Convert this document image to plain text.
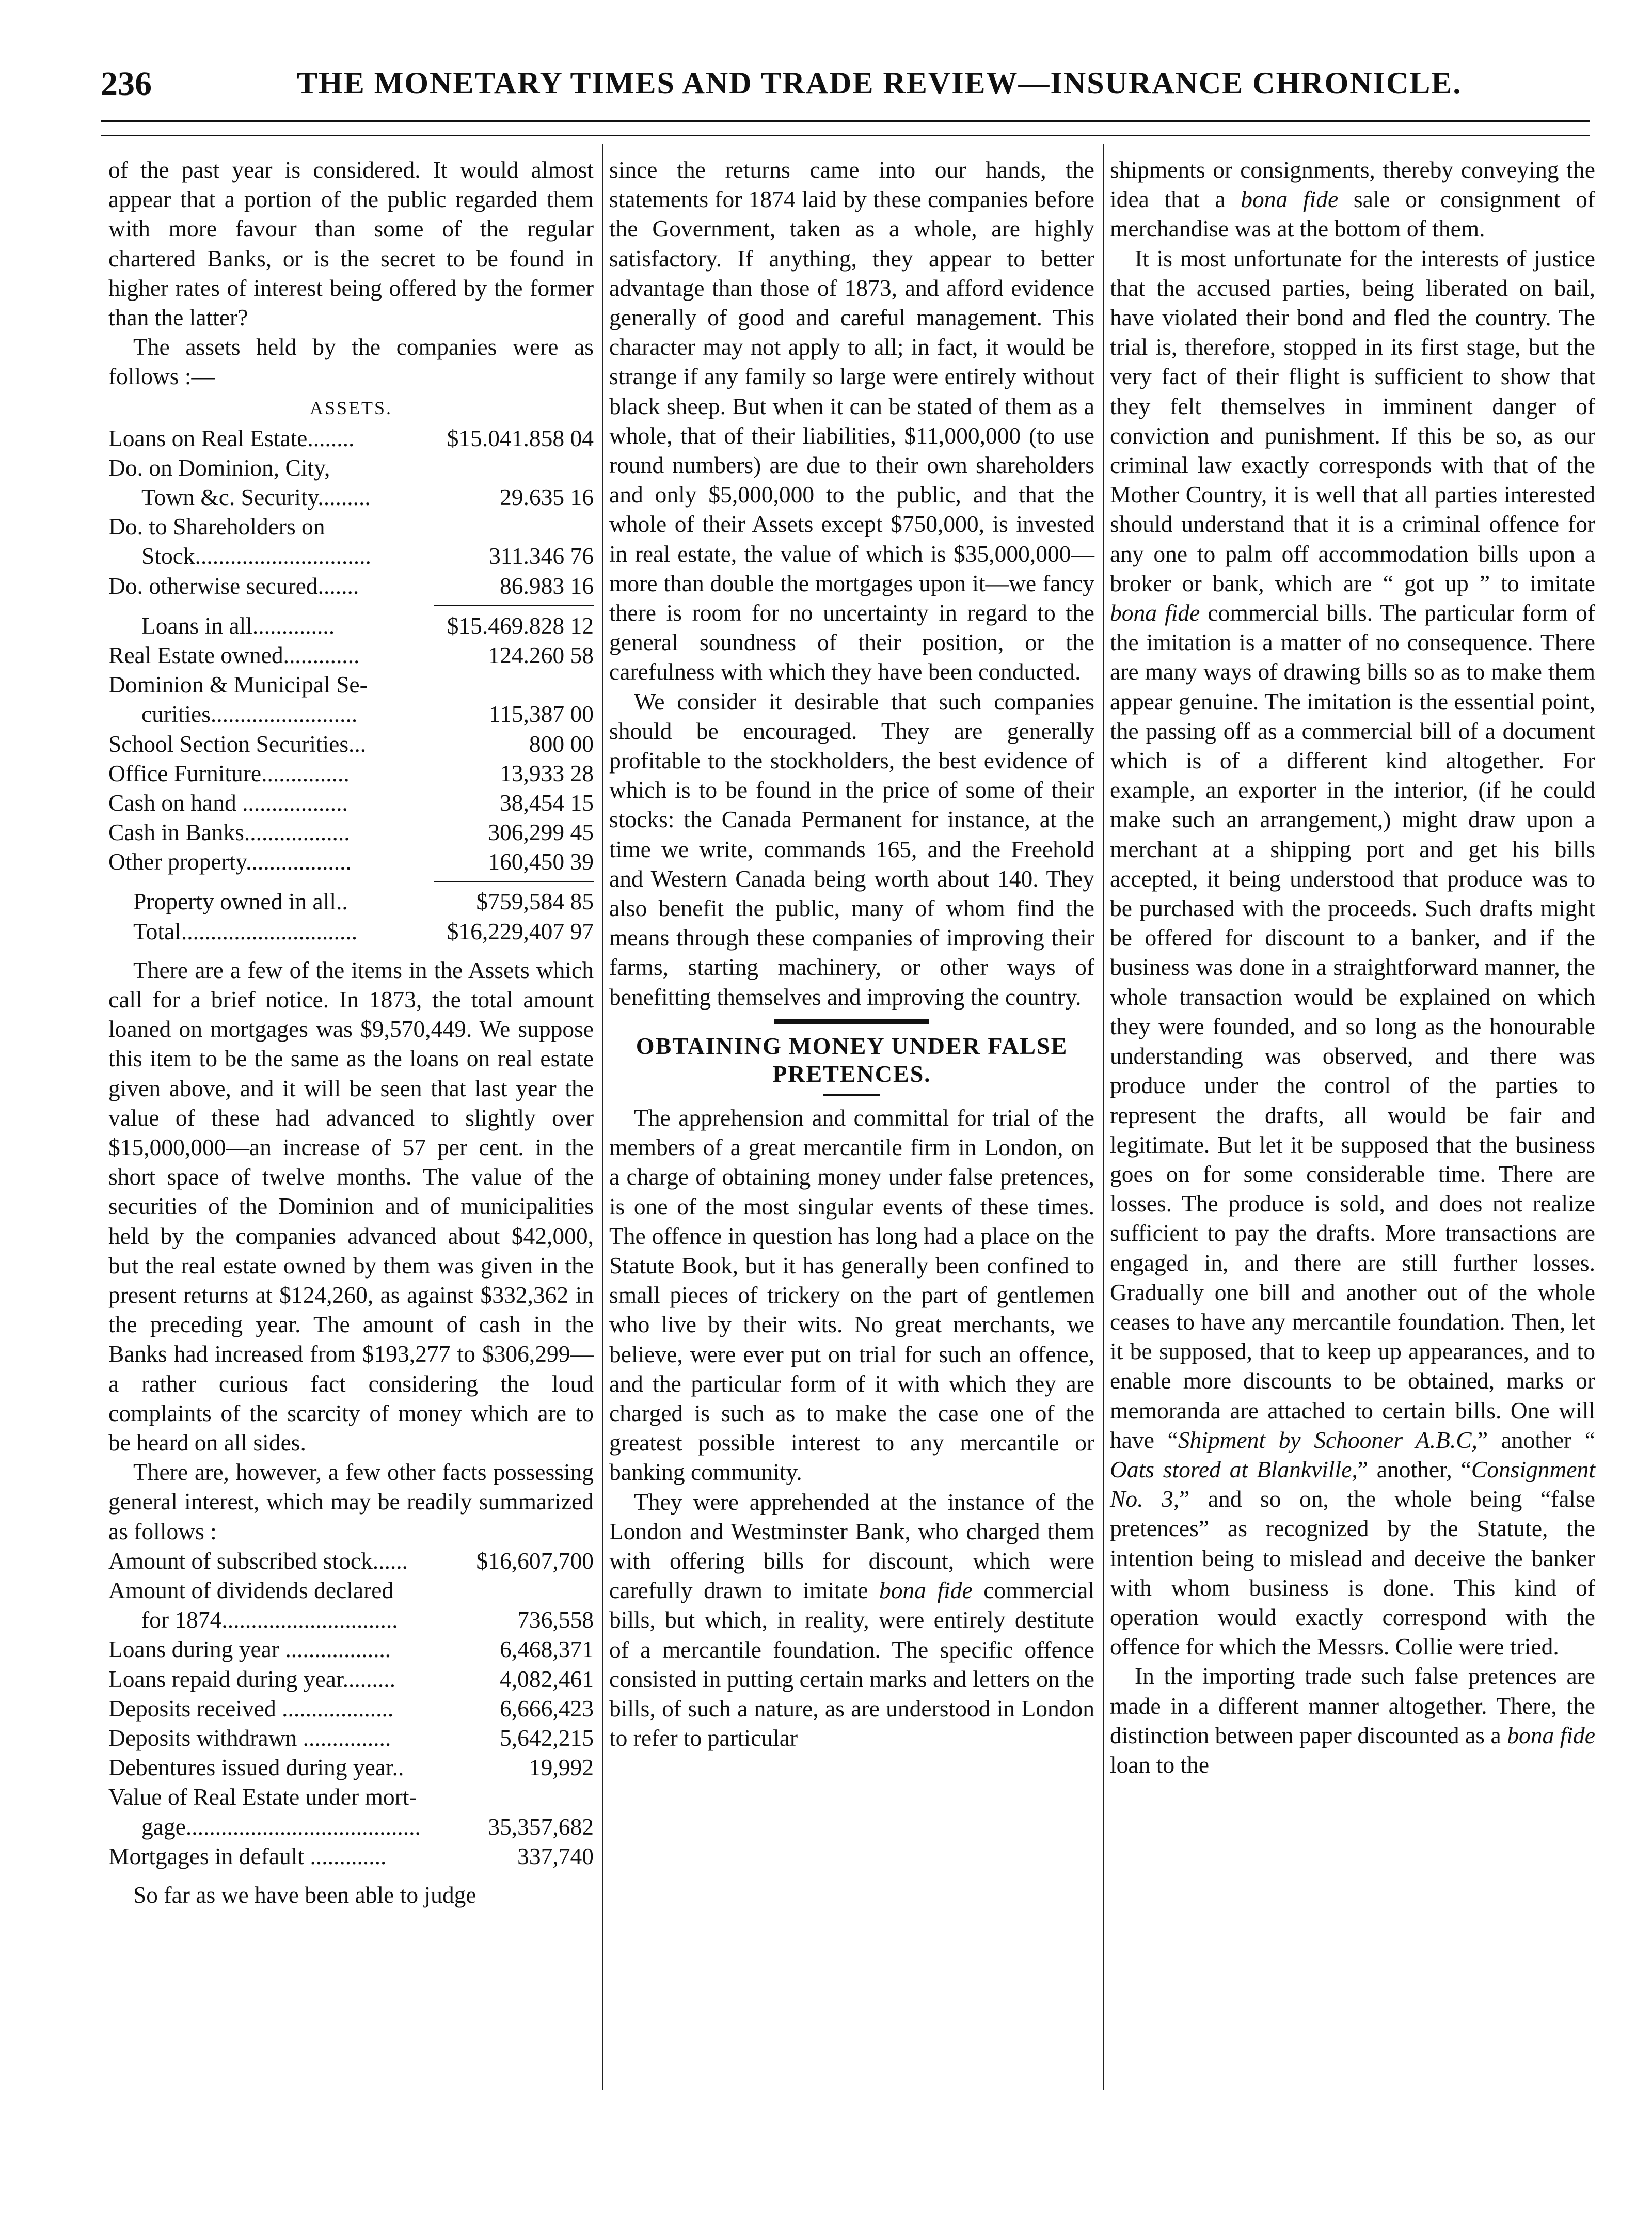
236	THE MONETARY TIMES AND TRADE REVIEW—INSURANCE CHRONICLE.

of the past year is considered. It would almost appear that a portion of the public regarded them with more favour than some of the regular chartered Banks, or is the secret to be found in higher rates of interest being offered by the former than the latter?

The assets held by the companies were as follows :—

ASSETS.
Loans on Real Estate........	$15.041.858 04
Do. on Dominion, City,
Town &c. Security.........	29.635 16
Do. to Shareholders on
Stock..............................	311.346 76
Do. otherwise secured.......	86.983 16
Loans in all..............	$15.469.828 12
Real Estate owned.............	124.260 58
Dominion & Municipal Se-
curities.........................	115,387 00
School Section Securities...	800 00
Office Furniture...............	13,933 28
Cash on hand ..................	38,454 15
Cash in Banks..................	306,299 45
Other property..................	160,450 39
Property owned in all..	$759,584 85
Total..............................	$16,229,407 97

There are a few of the items in the Assets which call for a brief notice. In 1873, the total amount loaned on mortgages was $9,570,449. We suppose this item to be the same as the loans on real estate given above, and it will be seen that last year the value of these had advanced to slightly over $15,000,000—an increase of 57 per cent. in the short space of twelve months. The value of the securities of the Dominion and of municipalities held by the companies advanced about $42,000, but the real estate owned by them was given in the present returns at $124,260, as against $332,362 in the preceding year. The amount of cash in the Banks had increased from $193,277 to $306,299—a rather curious fact considering the loud complaints of the scarcity of money which are to be heard on all sides.

There are, however, a few other facts possessing general interest, which may be readily summarized as follows :

Amount of subscribed stock......	$16,607,700
Amount of dividends declared
for 1874..............................	736,558
Loans during year ..................	6,468,371
Loans repaid during year.........	4,082,461
Deposits received ...................	6,666,423
Deposits withdrawn ...............	5,642,215
Debentures issued during year..	19,992
Value of Real Estate under mort-
gage........................................	35,357,682
Mortgages in default .............	337,740

So far as we have been able to judge

since the returns came into our hands, the statements for 1874 laid by these companies before the Government, taken as a whole, are highly satisfactory. If anything, they appear to better advantage than those of 1873, and afford evidence generally of good and careful management. This character may not apply to all; in fact, it would be strange if any family so large were entirely without black sheep. But when it can be stated of them as a whole, that of their liabilities, $11,000,000 (to use round numbers) are due to their own shareholders and only $5,000,000 to the public, and that the whole of their Assets except $750,000, is invested in real estate, the value of which is $35,000,000—more than double the mortgages upon it—we fancy there is room for no uncertainty in regard to the general soundness of their position, or the carefulness with which they have been conducted.

We consider it desirable that such companies should be encouraged. They are generally profitable to the stockholders, the best evidence of which is to be found in the price of some of their stocks: the Canada Permanent for instance, at the time we write, commands 165, and the Freehold and Western Canada being worth about 140. They also benefit the public, many of whom find the means through these companies of improving their farms, starting machinery, or other ways of benefitting themselves and improving the country.

OBTAINING MONEY UNDER FALSE PRETENCES.

The apprehension and committal for trial of the members of a great mercantile firm in London, on a charge of obtaining money under false pretences, is one of the most singular events of these times. The offence in question has long had a place on the Statute Book, but it has generally been confined to small pieces of trickery on the part of gentlemen who live by their wits. No great merchants, we believe, were ever put on trial for such an offence, and the particular form of it with which they are charged is such as to make the case one of the greatest possible interest to any mercantile or banking community.

They were apprehended at the instance of the London and Westminster Bank, who charged them with offering bills for discount, which were carefully drawn to imitate bona fide commercial bills, but which, in reality, were entirely destitute of a mercantile foundation. The specific offence consisted in putting certain marks and letters on the bills, of such a nature, as are understood in London to refer to particular

shipments or consignments, thereby conveying the idea that a bona fide sale or consignment of merchandise was at the bottom of them.

It is most unfortunate for the interests of justice that the accused parties, being liberated on bail, have violated their bond and fled the country. The trial is, therefore, stopped in its first stage, but the very fact of their flight is sufficient to show that they felt themselves in imminent danger of conviction and punishment. If this be so, as our criminal law exactly corresponds with that of the Mother Country, it is well that all parties interested should understand that it is a criminal offence for any one to palm off accommodation bills upon a broker or bank, which are “ got up ” to imitate bona fide commercial bills. The particular form of the imitation is a matter of no consequence. There are many ways of drawing bills so as to make them appear genuine. The imitation is the essential point, the passing off as a commercial bill of a document which is of a different kind altogether. For example, an exporter in the interior, (if he could make such an arrangement,) might draw upon a merchant at a shipping port and get his bills accepted, it being understood that produce was to be purchased with the proceeds. Such drafts might be offered for discount to a banker, and if the business was done in a straightforward manner, the whole transaction would be explained on which they were founded, and so long as the honourable understanding was observed, and there was produce under the control of the parties to represent the drafts, all would be fair and legitimate. But let it be supposed that the business goes on for some considerable time. There are losses. The produce is sold, and does not realize sufficient to pay the drafts. More transactions are engaged in, and there are still further losses. Gradually one bill and another out of the whole ceases to have any mercantile foundation. Then, let it be supposed, that to keep up appearances, and to enable more discounts to be obtained, marks or memoranda are attached to certain bills. One will have “Shipment by Schooner A.B.C,” another “ Oats stored at Blankville,” another, “Consignment No. 3,” and so on, the whole being “false pretences” as recognized by the Statute, the intention being to mislead and deceive the banker with whom business is done. This kind of operation would exactly correspond with the offence for which the Messrs. Collie were tried.

In the importing trade such false pretences are made in a different manner altogether. There, the distinction between paper discounted as a bona fide loan to the
